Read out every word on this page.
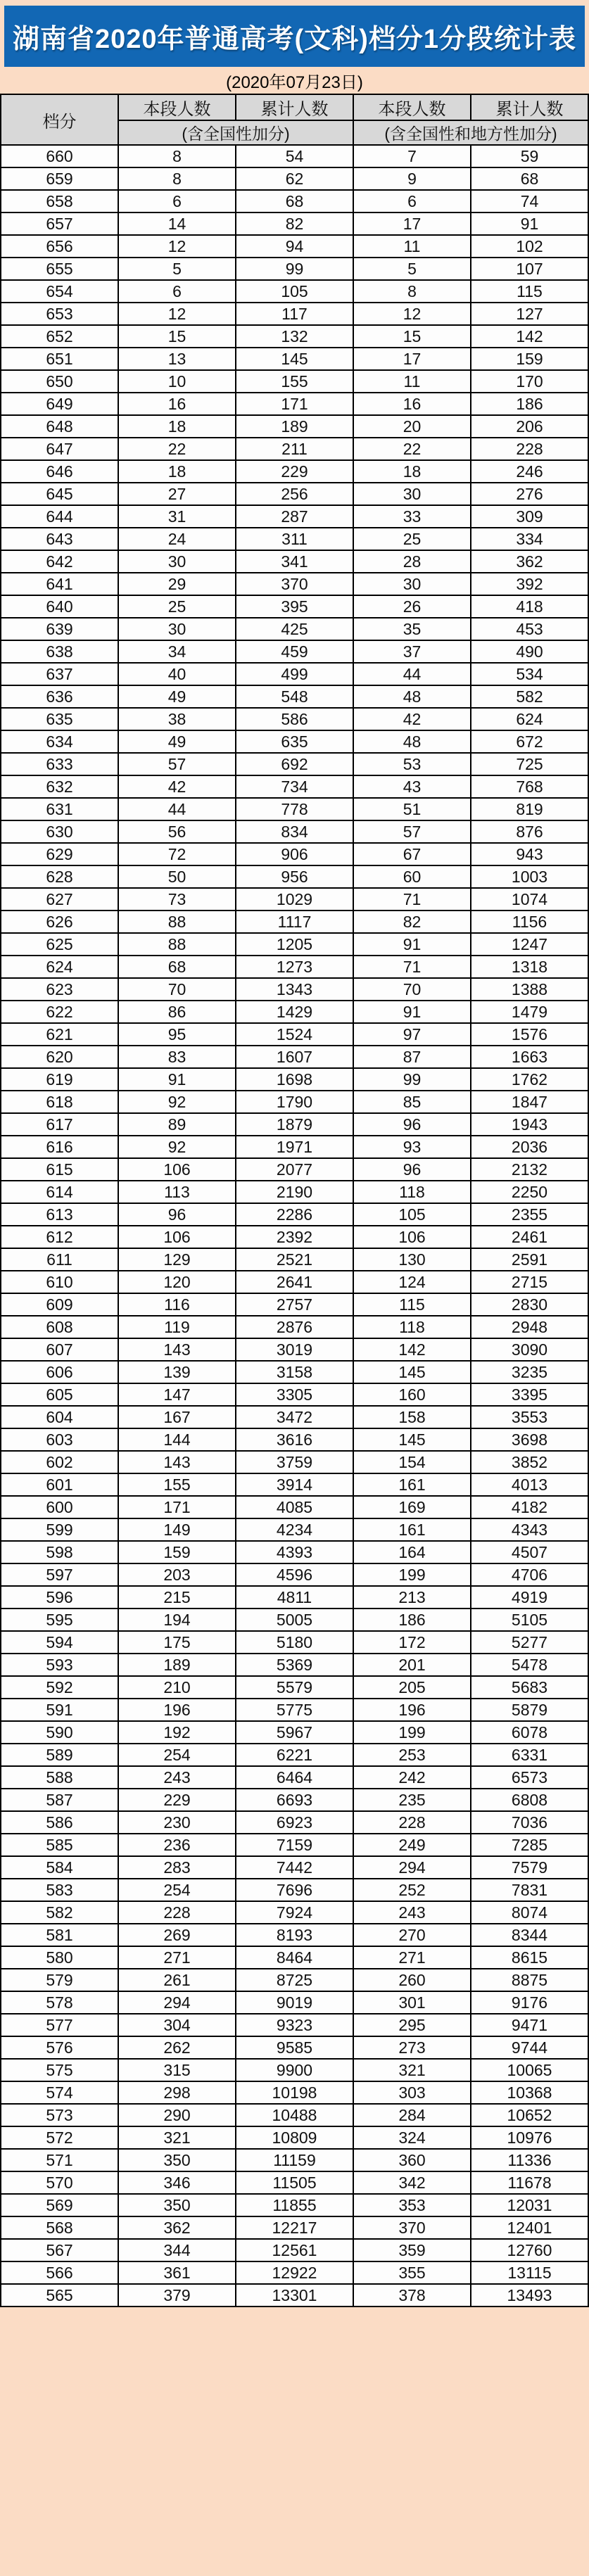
湖南省2020年普通高考(文科)档分1分段统计表
(2020年07月23日)
档分	本段人数	累计人数	本段人数	累计人数
	(含全国性加分)		(含全国性和地方性加分)	
660	8	54	7	59
659	8	62	9	68
658	6	68	6	74
657	14	82	17	91
656	12	94	11	102
655	5	99	5	107
654	6	105	8	115
653	12	117	12	127
652	15	132	15	142
651	13	145	17	159
650	10	155	11	170
649	16	171	16	186
648	18	189	20	206
647	22	211	22	228
646	18	229	18	246
645	27	256	30	276
644	31	287	33	309
643	24	311	25	334
642	30	341	28	362
641	29	370	30	392
640	25	395	26	418
639	30	425	35	453
638	34	459	37	490
637	40	499	44	534
636	49	548	48	582
635	38	586	42	624
634	49	635	48	672
633	57	692	53	725
632	42	734	43	768
631	44	778	51	819
630	56	834	57	876
629	72	906	67	943
628	50	956	60	1003
627	73	1029	71	1074
626	88	1117	82	1156
625	88	1205	91	1247
624	68	1273	71	1318
623	70	1343	70	1388
622	86	1429	91	1479
621	95	1524	97	1576
620	83	1607	87	1663
619	91	1698	99	1762
618	92	1790	85	1847
617	89	1879	96	1943
616	92	1971	93	2036
615	106	2077	96	2132
614	113	2190	118	2250
613	96	2286	105	2355
612	106	2392	106	2461
611	129	2521	130	2591
610	120	2641	124	2715
609	116	2757	115	2830
608	119	2876	118	2948
607	143	3019	142	3090
606	139	3158	145	3235
605	147	3305	160	3395
604	167	3472	158	3553
603	144	3616	145	3698
602	143	3759	154	3852
601	155	3914	161	4013
600	171	4085	169	4182
599	149	4234	161	4343
598	159	4393	164	4507
597	203	4596	199	4706
596	215	4811	213	4919
595	194	5005	186	5105
594	175	5180	172	5277
593	189	5369	201	5478
592	210	5579	205	5683
591	196	5775	196	5879
590	192	5967	199	6078
589	254	6221	253	6331
588	243	6464	242	6573
587	229	6693	235	6808
586	230	6923	228	7036
585	236	7159	249	7285
584	283	7442	294	7579
583	254	7696	252	7831
582	228	7924	243	8074
581	269	8193	270	8344
580	271	8464	271	8615
579	261	8725	260	8875
578	294	9019	301	9176
577	304	9323	295	9471
576	262	9585	273	9744
575	315	9900	321	10065
574	298	10198	303	10368
573	290	10488	284	10652
572	321	10809	324	10976
571	350	11159	360	11336
570	346	11505	342	11678
569	350	11855	353	12031
568	362	12217	370	12401
567	344	12561	359	12760
566	361	12922	355	13115
565	379	13301	378	13493
